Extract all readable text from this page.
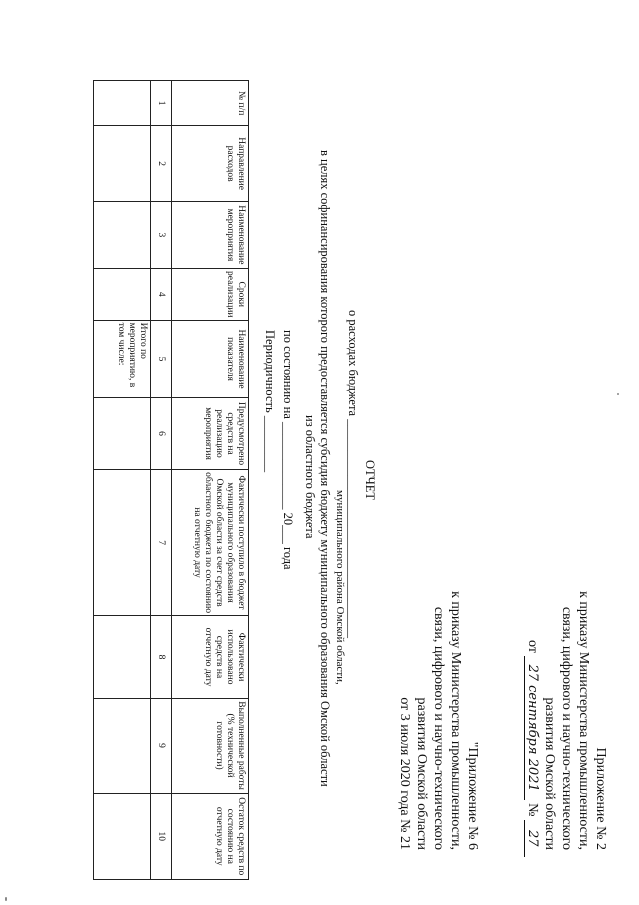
Приложение № 2
к приказу Министерства промышленности,
связи, цифрового и научно-технического
развития Омской области
от 27 сентября 2021 № 27
"Приложение № 6
к приказу Министерства промышленности,
связи, цифрового и научно-технического
развития Омской области
от 3 июля 2020 года № 21
ОТЧЕТ
о расходах бюджета ___________________________________
муниципального района Омской области,
в целях софинансирования которого предоставляется субсидия бюджету муниципального образования Омской области
из областного бюджета
по состоянию на ______________ 20___ года
Периодичность _________
№ п/п	Направление расходов	Наименование мероприятия	Сроки реализации	Наименование показателя	Предусмотрено средств на реализацию мероприятия	Фактически поступило в бюджет муниципального образования Омской области за счет средств областного бюджета по состоянию на отчетную дату	Фактически использовано средств на отчетную дату	Выполненные работы (% технической готовности)	Остаток средств по состоянию на отчетную дату
1	2	3	4	5	6	7	8	9	10
				Итого по мероприятию, в том числе:					
